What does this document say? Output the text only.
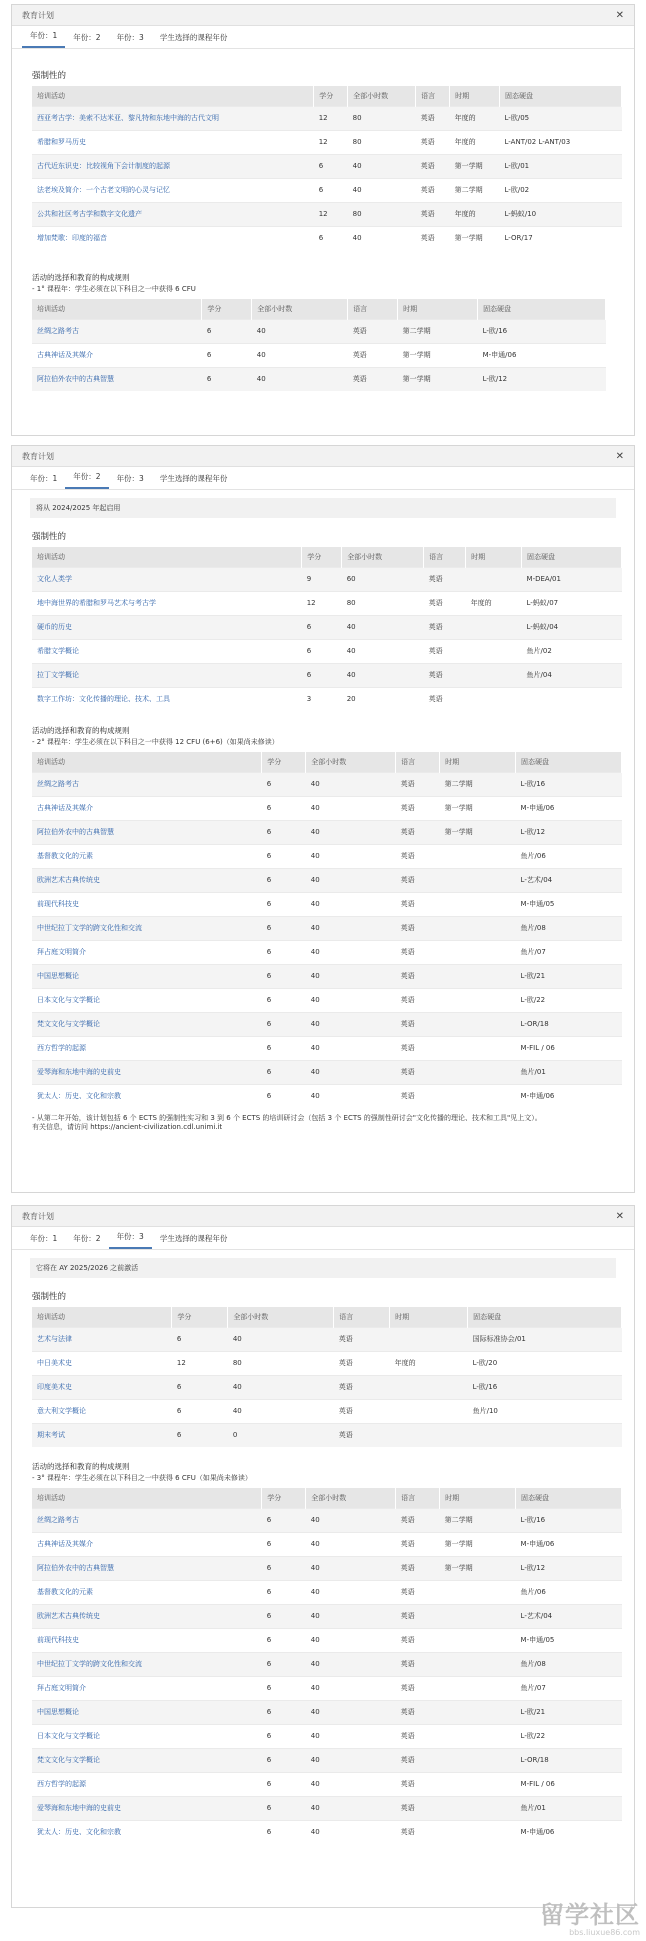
教育计划	✕
年份：1	年份：2	年份：3	学生选择的课程年份
强制性的
培训活动	学分	全部小时数	语言	时期	固态硬盘
西亚考古学：美索不达米亚、黎凡特和东地中海的古代文明	12	80	英语	年度的	L-欧/05
希腊和罗马历史	12	80	英语	年度的	L-ANT/02 L-ANT/03
古代近东识史：比较视角下会计制度的起源	6	40	英语	第一学期	L-欧/01
法老埃及简介：一个古老文明的心灵与记忆	6	40	英语	第二学期	L-欧/02
公共和社区考古学和数字文化遗产	12	80	英语	年度的	L-蚂蚁/10
增加梵歌：印度的福音	6	40	英语	第一学期	L-OR/17
活动的选择和教育的构成规则
- 1° 课程年：学生必须在以下科目之一中获得 6 CFU
培训活动	学分	全部小时数	语言	时期	固态硬盘
丝绸之路考古	6	40	英语	第二学期	L-欧/16
古典神话及其媒介	6	40	英语	第一学期	M-申通/06
阿拉伯外农中的古典智慧	6	40	英语	第一学期	L-欧/12
教育计划	✕
年份：1	年份：2	年份：3	学生选择的课程年份
将从 2024/2025 年起启用
强制性的
培训活动	学分	全部小时数	语言	时期	固态硬盘
文化人类学	9	60	英语		M-DEA/01
地中海世界的希腊和罗马艺术与考古学	12	80	英语	年度的	L-蚂蚁/07
硬币的历史	6	40	英语		L-蚂蚁/04
希腊文学概论	6	40	英语		鱼片/02
拉丁文学概论	6	40	英语		鱼片/04
数字工作坊：文化传播的理论、技术、工具	3	20	英语		
活动的选择和教育的构成规则
- 2° 课程年：学生必须在以下科目之一中获得 12 CFU (6+6)（如果尚未修读）
培训活动	学分	全部小时数	语言	时期	固态硬盘
丝绸之路考古	6	40	英语	第二学期	L-欧/16
古典神话及其媒介	6	40	英语	第一学期	M-申通/06
阿拉伯外农中的古典智慧	6	40	英语	第一学期	L-欧/12
基督教文化的元素	6	40	英语		鱼片/06
欧洲艺术古典传统史	6	40	英语		L-艺术/04
前现代科技史	6	40	英语		M-申通/05
中世纪拉丁文学的跨文化性和交流	6	40	英语		鱼片/08
拜占庭文明简介	6	40	英语		鱼片/07
中国思想概论	6	40	英语		L-欧/21
日本文化与文学概论	6	40	英语		L-欧/22
梵文文化与文学概论	6	40	英语		L-OR/18
西方哲学的起源	6	40	英语		M-FIL / 06
爱琴海和东地中海的史前史	6	40	英语		鱼片/01
犹太人：历史、文化和宗教	6	40	英语		M-申通/06
- 从第二年开始，该计划包括 6 个 ECTS 的强制性实习和 3 到 6 个 ECTS 的培训研讨会（包括 3 个 ECTS 的强制性研讨会"文化传播的理论、技术和工具"见上文）。
有关信息，请访问 https://ancient-civilization.cdl.unimi.it
教育计划	✕
年份：1	年份：2	年份：3	学生选择的课程年份
它将在 AY 2025/2026 之前激活
强制性的
培训活动	学分	全部小时数	语言	时期	固态硬盘
艺术与法律	6	40	英语		国际标准协会/01
中日美术史	12	80	英语	年度的	L-欧/20
印度美术史	6	40	英语		L-欧/16
意大利文学概论	6	40	英语		鱼片/10
期末考试	6	0	英语		
活动的选择和教育的构成规则
- 3° 课程年：学生必须在以下科目之一中获得 6 CFU（如果尚未修读）
培训活动	学分	全部小时数	语言	时期	固态硬盘
丝绸之路考古	6	40	英语	第二学期	L-欧/16
古典神话及其媒介	6	40	英语	第一学期	M-申通/06
阿拉伯外农中的古典智慧	6	40	英语	第一学期	L-欧/12
基督教文化的元素	6	40	英语		鱼片/06
欧洲艺术古典传统史	6	40	英语		L-艺术/04
前现代科技史	6	40	英语		M-申通/05
中世纪拉丁文学的跨文化性和交流	6	40	英语		鱼片/08
拜占庭文明简介	6	40	英语		鱼片/07
中国思想概论	6	40	英语		L-欧/21
日本文化与文学概论	6	40	英语		L-欧/22
梵文文化与文学概论	6	40	英语		L-OR/18
西方哲学的起源	6	40	英语		M-FIL / 06
爱琴海和东地中海的史前史	6	40	英语		鱼片/01
犹太人：历史、文化和宗教	6	40	英语		M-申通/06
留学社区
bbs.liuxue86.com
